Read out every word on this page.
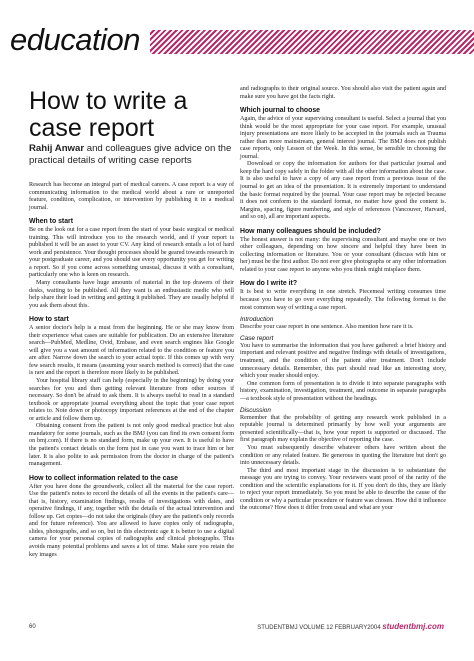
education
How to write a case report

Rahij Anwar and colleagues give advice on the practical details of writing case reports

Research has become an integral part of medical careers. A case report is a way of communicating information to the medical world about a rare or unreported feature, condition, complication, or intervention by publishing it in a medical journal.

When to start

Be on the look out for a case report from the start of your basic surgical or medical training. This will introduce you to the research world, and if your report is published it will be an asset to your CV. Any kind of research entails a lot of hard work and persistence. Your thought processes should be geared towards research in your postgraduate career, and you should use every opportunity you get for writing a report. So if you come across something unusual, discuss it with a consultant, particularly one who is keen on research.

Many consultants have huge amounts of material in the top drawers of their desks, waiting to be published. All they want is an enthusiastic medic who will help share their load in writing and getting it published. They are usually helpful if you ask them about this.

How to start

A senior doctor's help is a must from the beginning. He or she may know from their experience what cases are suitable for publication. Do an extensive literature search—PubMed, Medline, Ovid, Embase, and even search engines like Google will give you a vast amount of information related to the condition or feature you are after. Narrow down the search to your actual topic. If this comes up with very few search results, it means (assuming your search method is correct) that the case is rare and the report is therefore more likely to be published.

Your hospital library staff can help (especially in the beginning) by doing your searches for you and then getting relevant literature from other sources if necessary. So don't be afraid to ask them. It is always useful to read in a standard textbook or appropriate journal everything about the topic that your case report relates to. Note down or photocopy important references at the end of the chapter or article and follow them up.

Obtaining consent from the patient is not only good medical practice but also mandatory for some journals, such as the BMJ (you can find its own consent form on bmj.com). If there is no standard form, make up your own. It is useful to have the patient's contact details on the form just in case you want to trace him or her later. It is also polite to ask permission from the doctor in charge of the patient's management.

How to collect information related to the case

After you have done the groundwork, collect all the material for the case report. Use the patient's notes to record the details of all the events in the patient's care—that is, history, examination findings, results of investigations with dates, and operative findings, if any, together with the details of the actual intervention and follow up. Get copies—do not take the originals (they are the patient's only records and for future reference). You are allowed to have copies only of radiographs, slides, photographs, and so on, but in this electronic age it is better to use a digital camera for your personal copies of radiographs and clinical photographs. This avoids many potential problems and saves a lot of time. Make sure you retain the key images

and radiographs to their original source. You should also visit the patient again and make sure you have got the facts right.

Which journal to choose

Again, the advice of your supervising consultant is useful. Select a journal that you think would be the most appropriate for your case report. For example, unusual injury presentations are more likely to be accepted in the journals such as Trauma rather than more mainstream, general interest journal. The BMJ does not publish case reports, only Lesson of the Week. In this sense, be sensible in choosing the journal.

Download or copy the information for authors for that particular journal and keep the hard copy safely in the folder with all the other information about the case. It is also useful to have a copy of any case report from a previous issue of the journal to get an idea of the presentation. It is extremely important to understand the basic format required by the journal. Your case report may be rejected because it does not conform to the standard format, no matter how good the content is. Margins, spacing, figure numbering, and style of references (Vancouver, Harvard, and so on), all are important aspects.

How many colleagues should be included?

The honest answer is not many: the supervising consultant and maybe one or two other colleagues, depending on how sincere and helpful they have been in collecting information or literature. You or your consultant (discuss with him or her) must be the first author. Do not ever give photographs or any other information related to your case report to anyone who you think might misplace them.

How do I write it?

It is best to write everything in one stretch. Piecemeal writing consumes time because you have to go over everything repeatedly. The following format is the most common way of writing a case report.

Introduction

Describe your case report in one sentence. Also mention how rare it is.

Case report

You have to summarise the information that you have gathered: a brief history and important and relevant positive and negative findings with details of investigations, treatment, and the condition of the patient after treatment. Don't include unnecessary details. Remember, this part should read like an interesting story, which your reader should enjoy.

One common form of presentation is to divide it into separate paragraphs with history, examination, investigation, treatment, and outcome in separate paragraphs—a textbook style of presentation without the headings.

Discussion

Remember that the probability of getting any research work published in a reputable journal is determined primarily by how well your arguments are presented scientifically—that is, how your report is supported or discussed. The first paragraph may explain the objective of reporting the case.

You must subsequently describe whatever others have written about the condition or any related feature. Be generous in quoting the literature but don't go into unnecessary details.

The third and most important stage in the discussion is to substantiate the message you are trying to convey. Your reviewers want proof of the rarity of the condition and the scientific explanations for it. If you don't do this, they are likely to reject your report immediately. So you must be able to describe the cause of the condition or why a particular procedure or feature was chosen. How did it influence the outcome? How does it differ from usual and what are your

60	STUDENTBMJ VOLUME 12 FEBRUARY2004 studentbmj.com
